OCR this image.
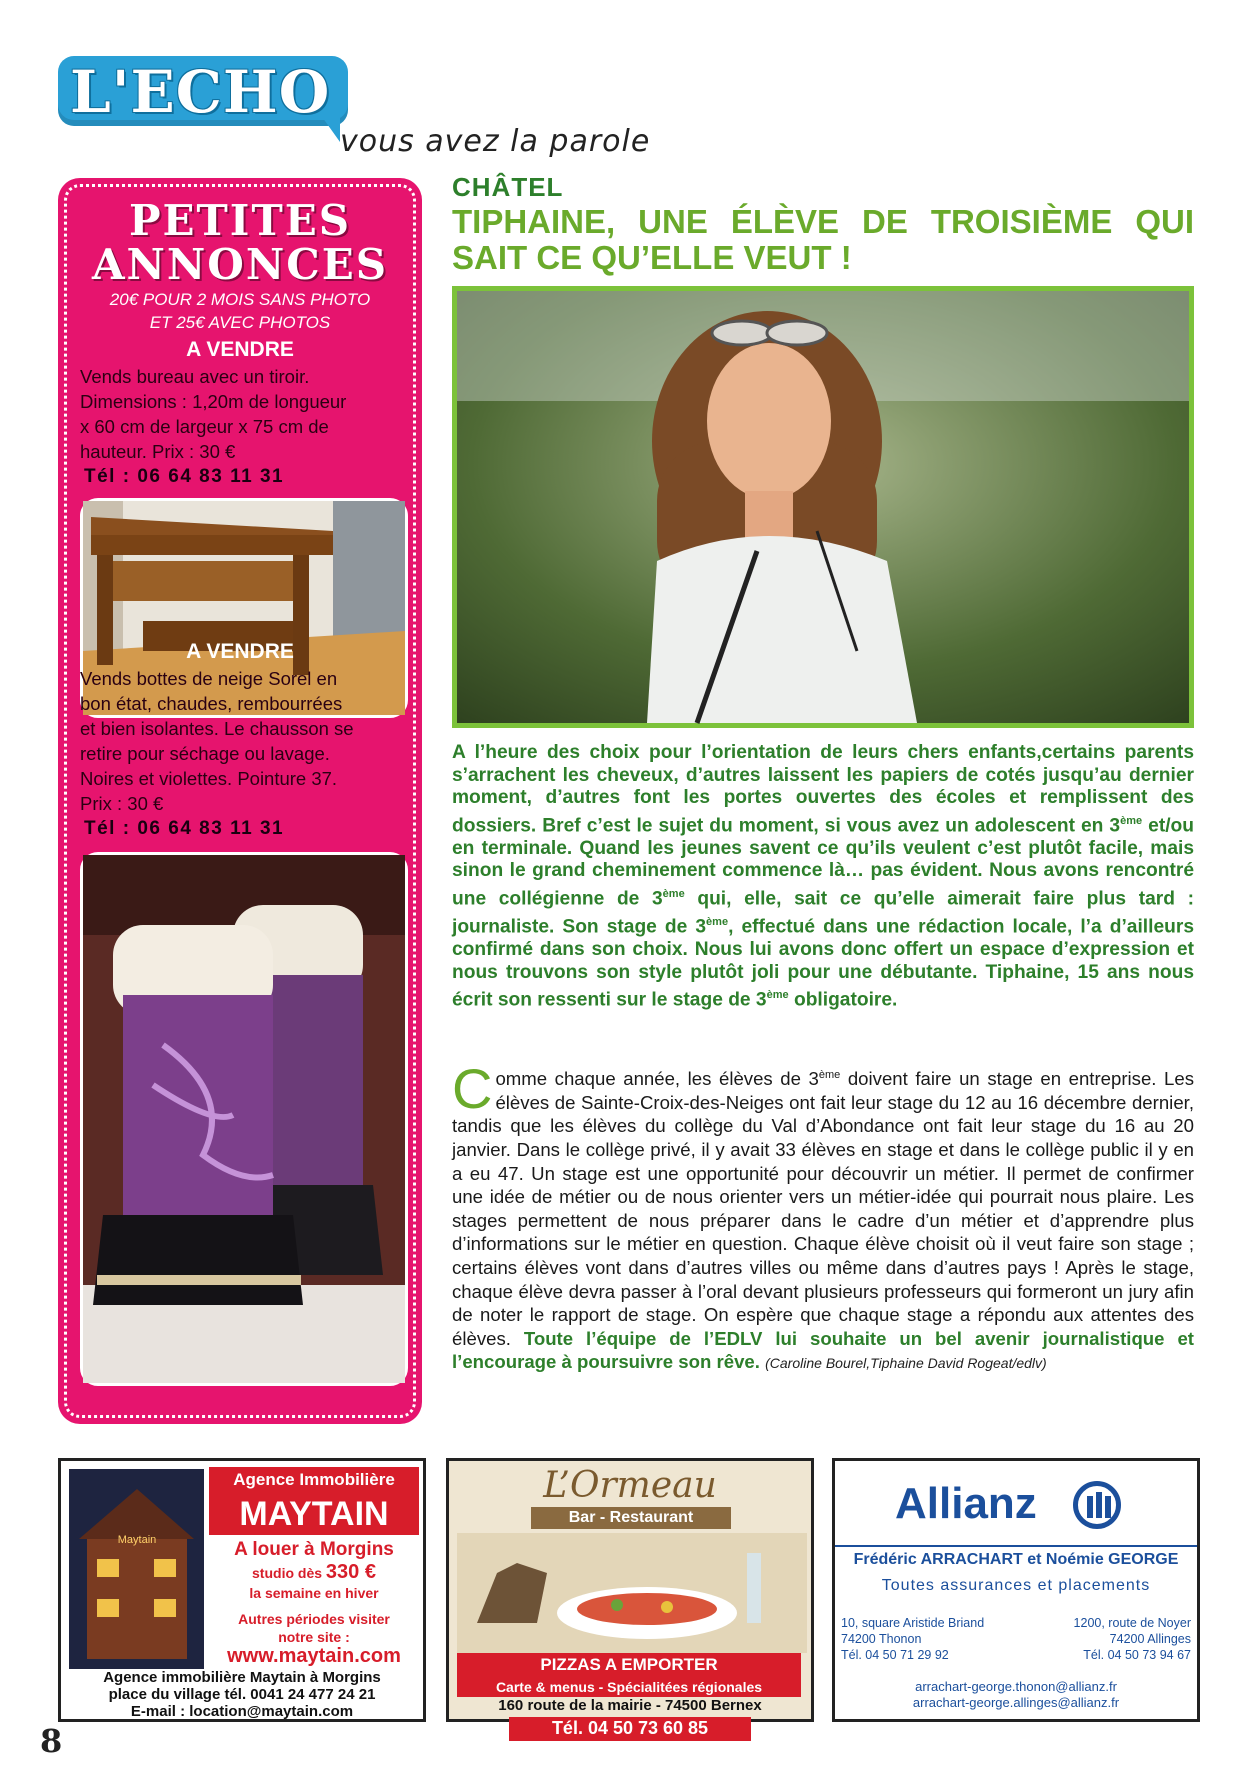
L'ECHO
vous avez la parole
PETITES
ANNONCES
20€ POUR 2 MOIS SANS PHOTO
ET 25€ AVEC PHOTOS
A VENDRE
Vends bureau avec un tiroir.
Dimensions : 1,20m de longueur
x 60 cm de largeur x 75 cm de
hauteur. Prix : 30 €
Tél : 06 64 83 11 31
A VENDRE
Vends bottes de neige Sorel en
bon état, chaudes, rembourrées
et bien isolantes. Le chausson se
retire pour séchage ou lavage.
Noires et violettes. Pointure 37.
Prix : 30 €
Tél : 06 64 83 11 31
CHÂTEL
TIPHAINE, UNE ÉLÈVE DE TROISIÈME QUI SAIT CE QU’ELLE VEUT !
A l’heure des choix pour l’orientation de leurs chers enfants,certains parents s’arrachent les cheveux, d’autres laissent les papiers de cotés jusqu’au dernier moment, d’autres font les portes ouvertes des écoles et remplissent des dossiers. Bref c’est le sujet du moment, si vous avez un adolescent en 3ème et/ou en terminale. Quand les jeunes savent ce qu’ils veulent c’est plutôt facile, mais sinon le grand cheminement commence là… pas évident. Nous avons rencontré une collégienne de 3ème qui, elle, sait ce qu’elle aimerait faire plus tard : journaliste. Son stage de 3ème, effectué dans une rédaction locale, l’a d’ailleurs confirmé dans son choix. Nous lui avons donc offert un espace d’expression et nous trouvons son style plutôt joli pour une débutante. Tiphaine, 15 ans nous écrit son ressenti sur le stage de 3ème obligatoire.
Comme chaque année, les élèves de 3ème doivent faire un stage en entreprise. Les élèves de Sainte-Croix-des-Neiges ont fait leur stage du 12 au 16 décembre dernier, tandis que les élèves du collège du Val d’Abondance ont fait leur stage du 16 au 20 janvier. Dans le collège privé, il y avait 33 élèves en stage et dans le collège public il y en a eu 47. Un stage est une opportunité pour découvrir un métier. Il permet de confirmer une idée de métier ou de nous orienter vers un métier-idée qui pourrait nous plaire. Les stages permettent de nous préparer dans le cadre d’un métier et d’apprendre plus d’informations sur le métier en question. Chaque élève choisit où il veut faire son stage ; certains élèves vont dans d’autres villes ou même dans d’autres pays ! Après le stage, chaque élève devra passer à l’oral devant plusieurs professeurs qui formeront un jury afin de noter le rapport de stage. On espère que chaque stage a répondu aux attentes des élèves. Toute l’équipe de l’EDLV lui souhaite un bel avenir journalistique et l’encourage à poursuivre son rêve. (Caroline Bourel,Tiphaine David Rogeat/edlv)
Maytain
Agence Immobilière
MAYTAIN
A louer à Morgins
studio dès 330 €
la semaine en hiver
Autres périodes visiter
notre site :
www.maytain.com
Agence immobilière Maytain à Morgins
place du village tél. 0041 24 477 24 21
E-mail : location@maytain.com
L’Ormeau
Bar - Restaurant
PIZZAS A EMPORTER
Carte & menus - Spécialitées régionales
160 route de la mairie - 74500 Bernex
Tél. 04 50 73 60 85
Allianz
Frédéric ARRACHART et Noémie GEORGE
Toutes assurances et placements
10, square Aristide Briand
74200 Thonon
Tél. 04 50 71 29 92
1200, route de Noyer
74200 Allinges
Tél. 04 50 73 94 67
arrachart-george.thonon@allianz.fr
arrachart-george.allinges@allianz.fr
8
